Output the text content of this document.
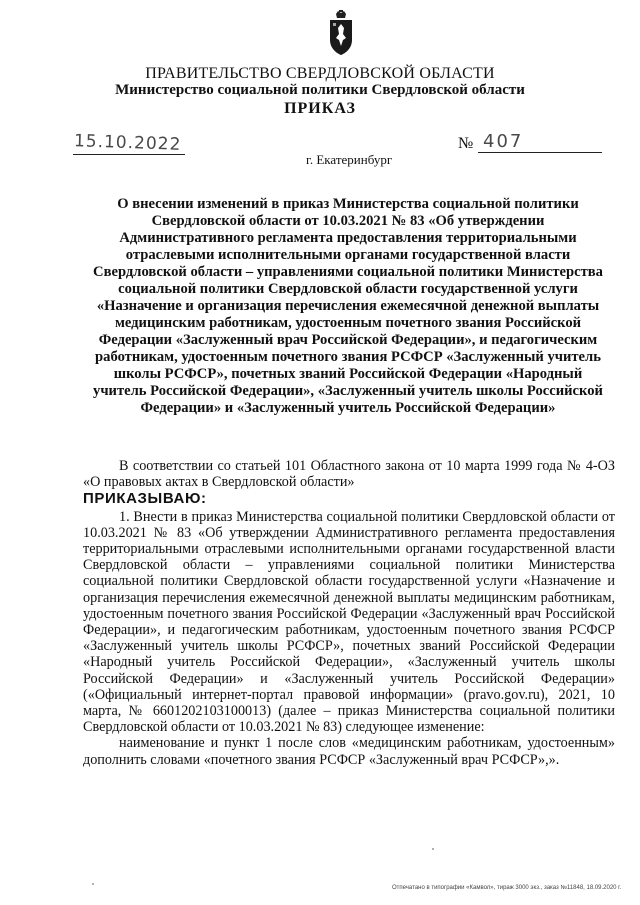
ПРАВИТЕЛЬСТВО СВЕРДЛОВСКОЙ ОБЛАСТИ
Министерство социальной политики Свердловской области
ПРИКАЗ
15.10.2022	№ 407
г. Екатеринбург
О внесении изменений в приказ Министерства социальной политики Свердловской области от 10.03.2021 № 83 «Об утверждении Административного регламента предоставления территориальными отраслевыми исполнительными органами государственной власти Свердловской области – управлениями социальной политики Министерства социальной политики Свердловской области государственной услуги «Назначение и организация перечисления ежемесячной денежной выплаты медицинским работникам, удостоенным почетного звания Российской Федерации «Заслуженный врач Российской Федерации», и педагогическим работникам, удостоенным почетного звания РСФСР «Заслуженный учитель школы РСФСР», почетных званий Российской Федерации «Народный учитель Российской Федерации», «Заслуженный учитель школы Российской Федерации» и «Заслуженный учитель Российской Федерации»

В соответствии со статьей 101 Областного закона от 10 марта 1999 года № 4-ОЗ «О правовых актах в Свердловской области»

ПРИКАЗЫВАЮ:

1. Внести в приказ Министерства социальной политики Свердловской области от 10.03.2021 № 83 «Об утверждении Административного регламента предоставления территориальными отраслевыми исполнительными органами государственной власти Свердловской области – управлениями социальной политики Министерства социальной политики Свердловской области государственной услуги «Назначение и организация перечисления ежемесячной денежной выплаты медицинским работникам, удостоенным почетного звания Российской Федерации «Заслуженный врач Российской Федерации», и педагогическим работникам, удостоенным почетного звания РСФСР «Заслуженный учитель школы РСФСР», почетных званий Российской Федерации «Народный учитель Российской Федерации», «Заслуженный учитель школы Российской Федерации» и «Заслуженный учитель Российской Федерации» («Официальный интернет-портал правовой информации» (pravo.gov.ru), 2021, 10 марта, № 6601202103100013) (далее – приказ Министерства социальной политики Свердловской области от 10.03.2021 № 83) следующее изменение:

наименование и пункт 1 после слов «медицинским работникам, удостоенным» дополнить словами «почетного звания РСФСР «Заслуженный врач РСФСР»,».

Отпечатано в типографии «Камвол», тираж 3000 экз., заказ №11848, 18.09.2020 г.
